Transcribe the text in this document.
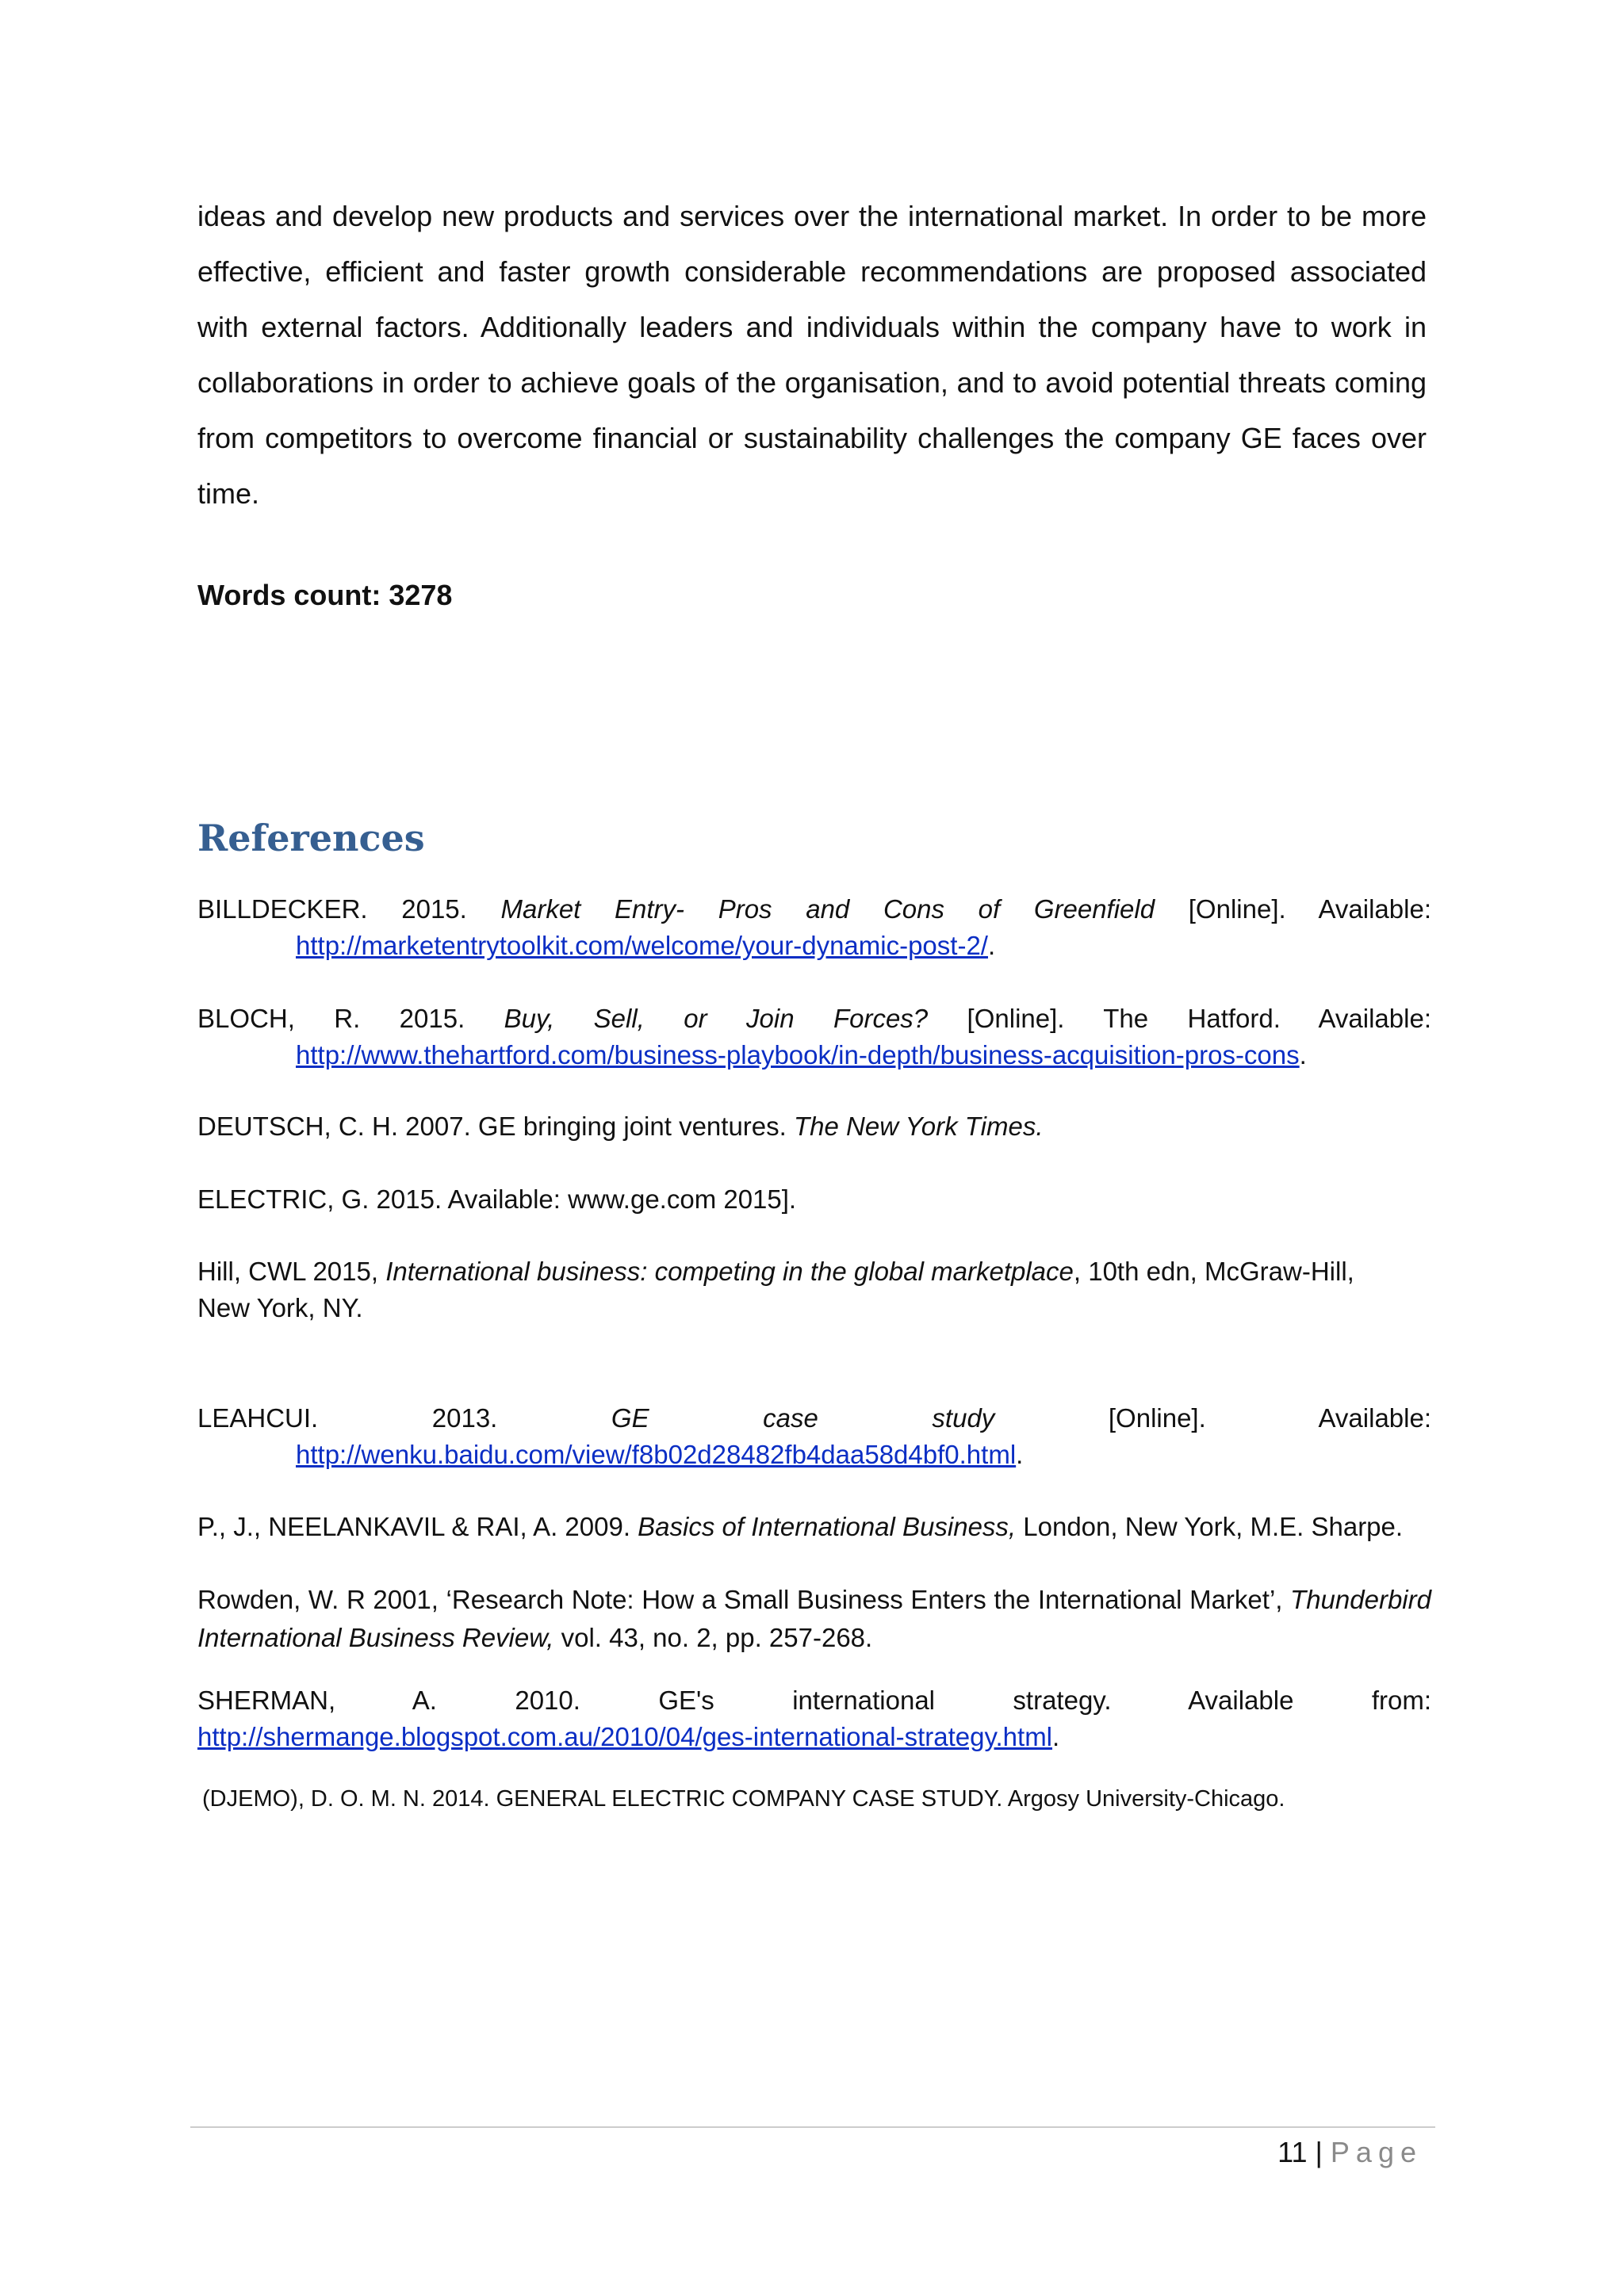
ideas and develop new products and services over the international market. In order to be more effective, efficient and faster growth considerable recommendations are proposed associated with external factors. Additionally leaders and individuals within the company have to work in collaborations in order to achieve goals of the organisation, and to avoid potential threats coming from competitors to overcome financial or sustainability challenges the company GE faces over time.

Words count: 3278
References
BILLDECKER. 2015. Market Entry- Pros and Cons of Greenfield [Online]. Available:
http://marketentrytoolkit.com/welcome/your-dynamic-post-2/.
BLOCH, R. 2015. Buy, Sell, or Join Forces? [Online]. The Hatford. Available:
http://www.thehartford.com/business-playbook/in-depth/business-acquisition-pros-cons.
DEUTSCH, C. H. 2007. GE bringing joint ventures. The New York Times.
ELECTRIC, G. 2015. Available: www.ge.com 2015].
Hill, CWL 2015, International business: competing in the global marketplace, 10th edn, McGraw-Hill, New York, NY.
LEAHCUI. 2013. GE case study [Online]. Available:
http://wenku.baidu.com/view/f8b02d28482fb4daa58d4bf0.html.
P., J., NEELANKAVIL & RAI, A. 2009. Basics of International Business, London, New York, M.E. Sharpe.
Rowden, W. R 2001, ‘Research Note: How a Small Business Enters the International Market’, Thunderbird International Business Review, vol. 43, no. 2, pp. 257-268.
SHERMAN, A. 2010. GE's international strategy. Available from:
http://shermange.blogspot.com.au/2010/04/ges-international-strategy.html.
(DJEMO), D. O. M. N. 2014. GENERAL ELECTRIC COMPANY CASE STUDY. Argosy University-Chicago.
11 | Page
